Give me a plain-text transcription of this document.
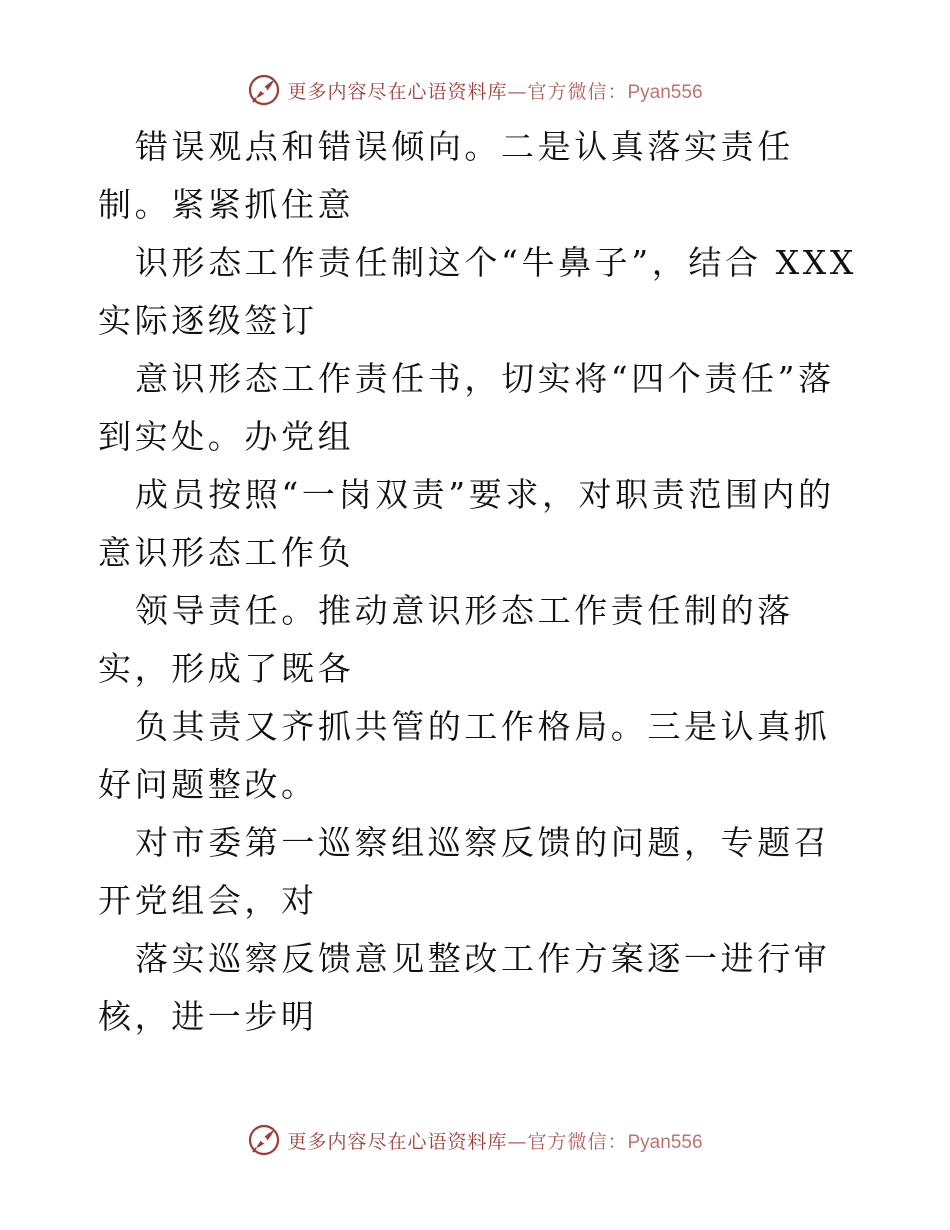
更多内容尽在心语资料库—官方微信：Pyan556

错误观点和错误倾向。二是认真落实责任制。紧紧抓住意

识形态工作责任制这个“牛鼻子”，结合 XXX 实际逐级签订

意识形态工作责任书，切实将“四个责任”落到实处。办党组

成员按照“一岗双责”要求，对职责范围内的意识形态工作负

领导责任。推动意识形态工作责任制的落实，形成了既各

负其责又齐抓共管的工作格局。三是认真抓好问题整改。

对市委第一巡察组巡察反馈的问题，专题召开党组会，对

落实巡察反馈意见整改工作方案逐一进行审核，进一步明

更多内容尽在心语资料库—官方微信：Pyan556
